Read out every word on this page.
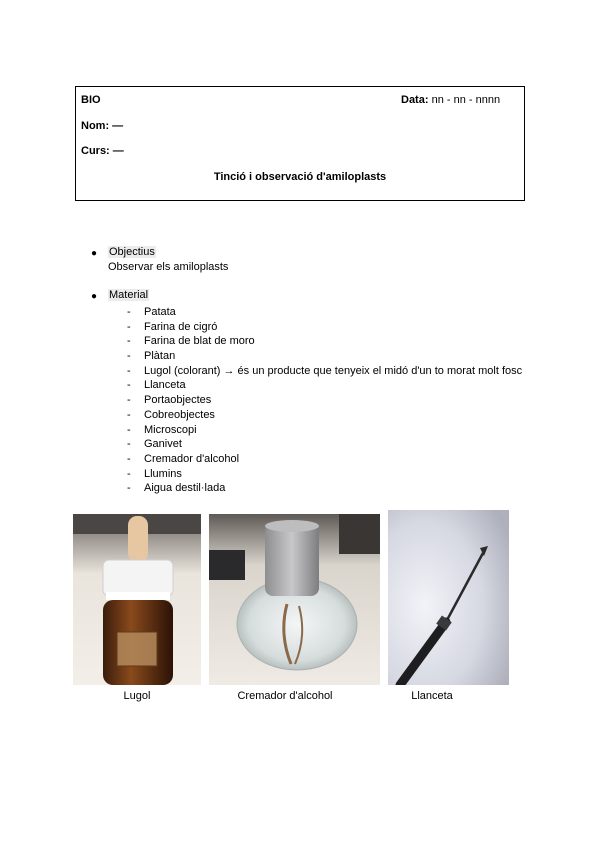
BIO	Data: nn - nn - nnnn
Nom: —
Curs: —
Tinció i observació d'amiloplasts
● Objectius
Observar els amiloplasts
● Material
- Patata
- Farina de cigró
- Farina de blat de moro
- Plàtan
- Lugol (colorant) → és un producte que tenyeix el midó d'un to morat molt fosc
- Llanceta
- Portaobjectes
- Cobreobjectes
- Microscopi
- Ganivet
- Cremador d'alcohol
- Llumins
- Aigua destil·lada
Lugol	Cremador d'alcohol	Llanceta
